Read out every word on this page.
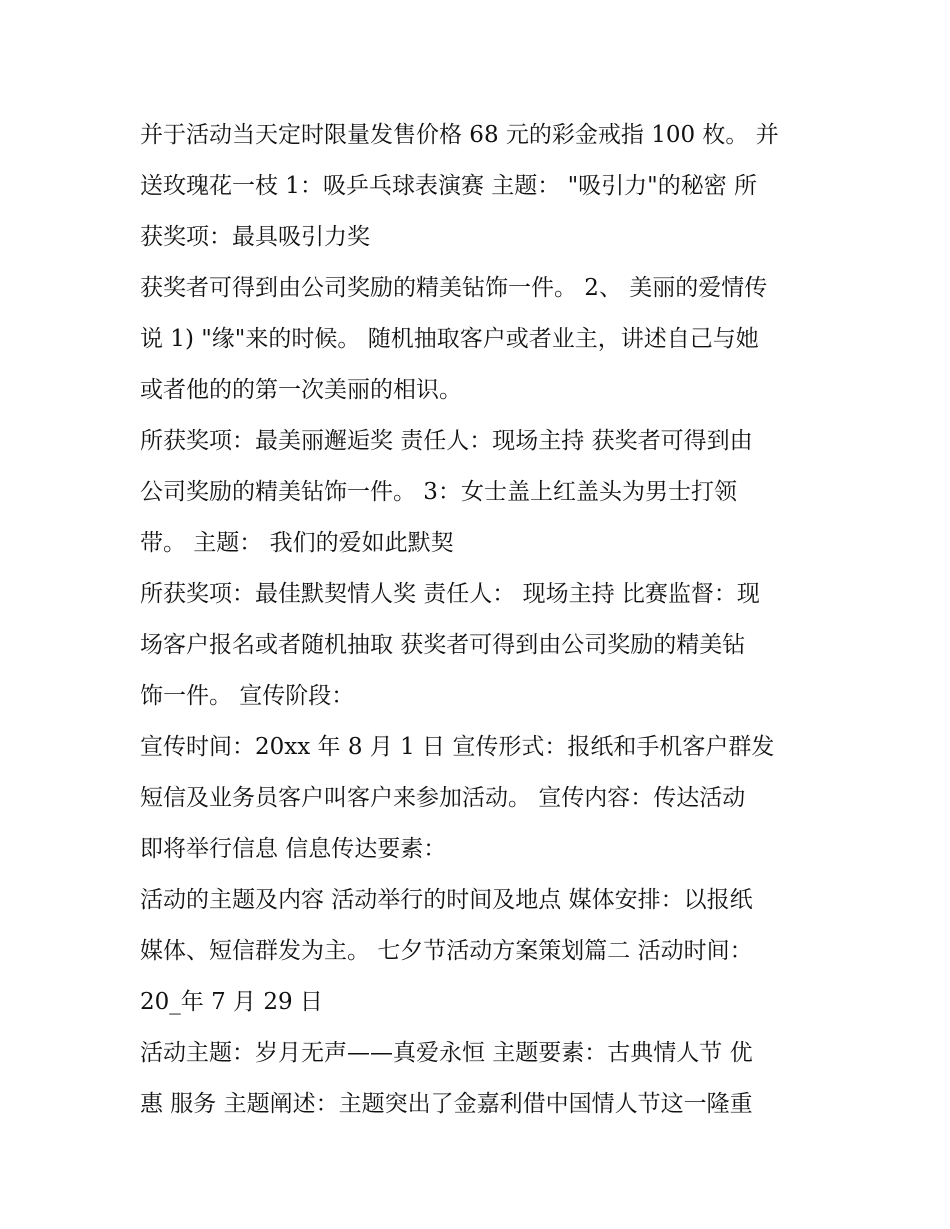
并于活动当天定时限量发售价格 68 元的彩金戒指 100 枚。 并
送玫瑰花一枝 1：吸乒乓球表演赛 主题： "吸引力"的秘密 所
获奖项：最具吸引力奖
获奖者可得到由公司奖励的精美钻饰一件。 2、 美丽的爱情传
说 1) "缘"来的时候。 随机抽取客户或者业主，讲述自己与她
或者他的的第一次美丽的相识。
所获奖项：最美丽邂逅奖 责任人：现场主持 获奖者可得到由
公司奖励的精美钻饰一件。 3：女士盖上红盖头为男士打领
带。 主题： 我们的爱如此默契
所获奖项：最佳默契情人奖 责任人： 现场主持 比赛监督：现
场客户报名或者随机抽取 获奖者可得到由公司奖励的精美钻
饰一件。 宣传阶段：
宣传时间：20xx 年 8 月 1 日 宣传形式：报纸和手机客户群发
短信及业务员客户叫客户来参加活动。 宣传内容：传达活动
即将举行信息 信息传达要素：
活动的主题及内容 活动举行的时间及地点 媒体安排：以报纸
媒体、短信群发为主。 七夕节活动方案策划篇二 活动时间：
20_年 7 月 29 日
活动主题：岁月无声——真爱永恒 主题要素：古典情人节 优
惠 服务 主题阐述：主题突出了金嘉利借中国情人节这一隆重
